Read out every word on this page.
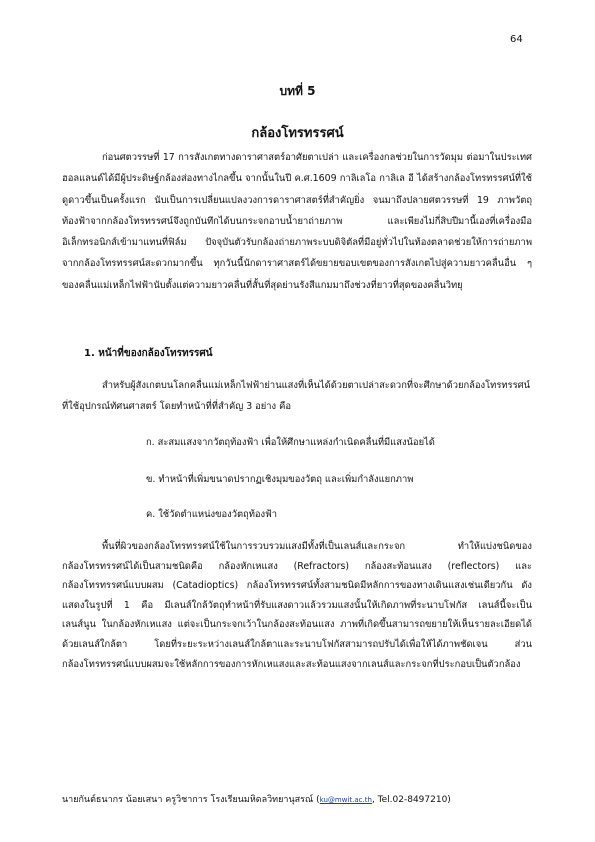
64
บทที่ 5
กล้องโทรทรรศน์

ก่อนศตวรรษที่ 17 การสังเกตทางดาราศาสตร์อาศัยตาเปล่า และเครื่องกลช่วยในการวัดมุม ต่อมาในประเทศฮอลแลนด์ได้มีผู้ประดิษฐ์กล้องส่องทางไกลขึ้น จากนั้นในปี ค.ศ.1609 กาลิเลโอ กาลิเล อี ได้สร้างกล้องโทรทรรศน์ที่ใช้ดูดาวขึ้นเป็นครั้งแรก นับเป็นการเปลี่ยนแปลงวงการดาราศาสตร์ที่สำคัญยิ่ง จนมาถึงปลายศตวรรษที่ 19 ภาพวัตถุท้องฟ้าจากกล้องโทรทรรศน์จึงถูกบันทึกได้บนกระจกอาบน้ำยาถ่ายภาพ และเพียงไม่กี่สิบปีมานี้เองที่เครื่องมืออิเล็กทรอนิกส์เข้ามาแทนที่ฟิล์ม ปัจจุบันตัวรับกล้องถ่ายภาพระบบดิจิตัลที่มีอยู่ทั่วไปในท้องตลาดช่วยให้การถ่ายภาพจากกล้องโทรทรรศน์สะดวกมากขึ้น ทุกวันนี้นักดาราศาสตร์ได้ขยายขอบเขตของการสังเกตไปสู่ความยาวคลื่นอื่น ๆ ของคลื่นแม่เหล็กไฟฟ้านับตั้งแต่ความยาวคลื่นที่สั้นที่สุดย่านรังสีแกมมาถึงช่วงที่ยาวที่สุดของคลื่นวิทยุ

1. หน้าที่ของกล้องโทรทรรศน์

สำหรับผู้สังเกตบนโลกคลื่นแม่เหล็กไฟฟ้าย่านแสงที่เห็นได้ด้วยตาเปล่าสะดวกที่จะศึกษาด้วยกล้องโทรทรรศน์ที่ใช้อุปกรณ์ทัศนศาสตร์ โดยทำหน้าที่ที่สำคัญ 3 อย่าง คือ

ก. สะสมแสงจากวัตถุท้องฟ้า เพื่อให้ศึกษาแหล่งกำเนิดคลื่นที่มีแสงน้อยได้
ข. ทำหน้าที่เพิ่มขนาดปรากฏเชิงมุมของวัตถุ และเพิ่มกำลังแยกภาพ
ค. ใช้วัดตำแหน่งของวัตถุท้องฟ้า

พื้นที่ผิวของกล้องโทรทรรศน์ใช้ในการรวบรวมแสงมีทั้งที่เป็นเลนส์และกระจก ทำให้แบ่งชนิดของกล้องโทรทรรศน์ได้เป็นสามชนิดคือ กล้องหักเหแสง (Refractors) กล้องสะท้อนแสง (reflectors) และกล้องโทรทรรศน์แบบผสม (Catadioptics) กล้องโทรทรรศน์ทั้งสามชนิดมีหลักการของทางเดินแสงเช่นเดียวกัน ดังแสดงในรูปที่ 1 คือ มีเลนส์ใกล้วัตถุทำหน้าที่รับแสงดาวแล้วรวมแสงนั้นให้เกิดภาพที่ระนาบโฟกัส เลนส์นี้จะเป็นเลนส์นูน ในกล้องหักเหแสง แต่จะเป็นกระจกเว้าในกล้องสะท้อนแสง ภาพที่เกิดขึ้นสามารถขยายให้เห็นรายละเอียดได้ด้วยเลนส์ใกล้ตา โดยที่ระยะระหว่างเลนส์ใกล้ตาและระนาบโฟกัสสามารถปรับได้เพื่อให้ได้ภาพชัดเจน ส่วนกล้องโทรทรรศน์แบบผสมจะใช้หลักการของการหักเหแสงและสะท้อนแสงจากเลนส์และกระจกที่ประกอบเป็นตัวกล้อง

นายกันต์ธนากร น้อยเสนา ครูวิชาการ โรงเรียนมหิดลวิทยานุสรณ์ (ku@mwit.ac.th, Tel.02-8497210)
